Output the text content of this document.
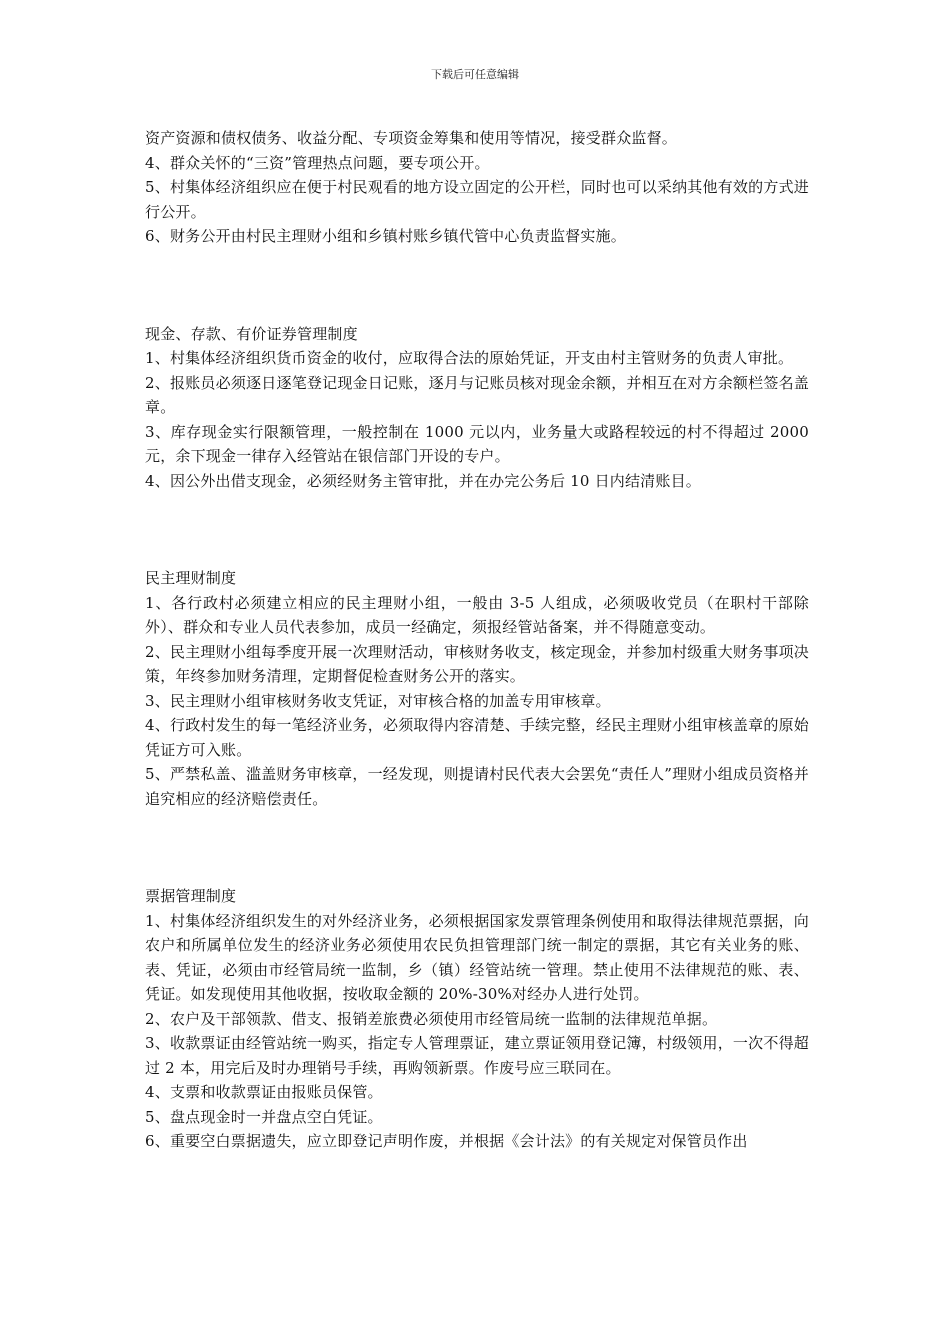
下载后可任意编辑

资产资源和债权债务、收益分配、专项资金筹集和使用等情况，接受群众监督。

4、群众关怀的“三资”管理热点问题，要专项公开。

5、村集体经济组织应在便于村民观看的地方设立固定的公开栏，同时也可以采纳其他有效的方式进行公开。

6、财务公开由村民主理财小组和乡镇村账乡镇代管中心负责监督实施。

现金、存款、有价证券管理制度

1、村集体经济组织货币资金的收付，应取得合法的原始凭证，开支由村主管财务的负责人审批。

2、报账员必须逐日逐笔登记现金日记账，逐月与记账员核对现金余额，并相互在对方余额栏签名盖章。

3、库存现金实行限额管理，一般控制在 1000 元以内，业务量大或路程较远的村不得超过 2000 元，余下现金一律存入经管站在银信部门开设的专户。

4、因公外出借支现金，必须经财务主管审批，并在办完公务后 10 日内结清账目。

民主理财制度

1、各行政村必须建立相应的民主理财小组，一般由 3-5 人组成，必须吸收党员（在职村干部除外）、群众和专业人员代表参加，成员一经确定，须报经管站备案，并不得随意变动。

2、民主理财小组每季度开展一次理财活动，审核财务收支，核定现金，并参加村级重大财务事项决策，年终参加财务清理，定期督促检查财务公开的落实。

3、民主理财小组审核财务收支凭证，对审核合格的加盖专用审核章。

4、行政村发生的每一笔经济业务，必须取得内容清楚、手续完整，经民主理财小组审核盖章的原始凭证方可入账。

5、严禁私盖、滥盖财务审核章，一经发现，则提请村民代表大会罢免“责任人”理财小组成员资格并追究相应的经济赔偿责任。

票据管理制度

1、村集体经济组织发生的对外经济业务，必须根据国家发票管理条例使用和取得法律规范票据，向农户和所属单位发生的经济业务必须使用农民负担管理部门统一制定的票据，其它有关业务的账、表、凭证，必须由市经管局统一监制，乡（镇）经管站统一管理。禁止使用不法律规范的账、表、凭证。如发现使用其他收据，按收取金额的 20%-30%对经办人进行处罚。

2、农户及干部领款、借支、报销差旅费必须使用市经管局统一监制的法律规范单据。

3、收款票证由经管站统一购买，指定专人管理票证，建立票证领用登记簿，村级领用，一次不得超过 2 本，用完后及时办理销号手续，再购领新票。作废号应三联同在。

4、支票和收款票证由报账员保管。

5、盘点现金时一并盘点空白凭证。

6、重要空白票据遗失，应立即登记声明作废，并根据《会计法》的有关规定对保管员作出
